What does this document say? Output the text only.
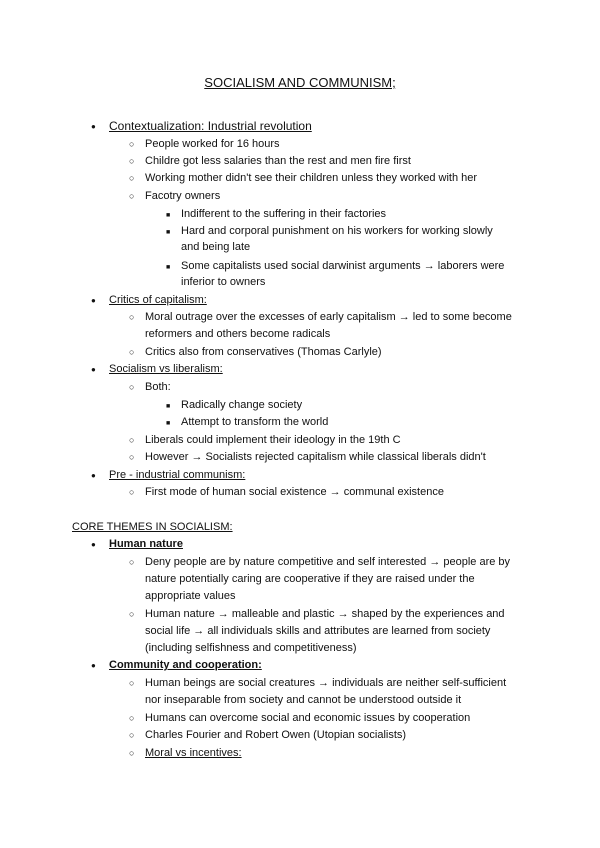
SOCIALISM AND COMMUNISM;
●
Contextualization: Industrial revolution
○
People worked for 16 hours
○
Childre got less salaries than the rest and men fire first
○
Working mother didn't see their children unless they worked with her
○
Facotry owners
■
Indifferent to the suffering in their factories
■
Hard and corporal punishment on his workers for working slowly
and being late
■
Some capitalists used social darwinist arguments → laborers were
inferior to owners
●
Critics of capitalism:
○
Moral outrage over the excesses of early capitalism → led to some become
reformers and others become radicals
○
Critics also from conservatives (Thomas Carlyle)
●
Socialism vs liberalism:
○
Both:
■
Radically change society
■
Attempt to transform the world
○
Liberals could implement their ideology in the 19th C
○
However → Socialists rejected capitalism while classical liberals didn't
●
Pre - industrial communism:
○
First mode of human social existence → communal existence
CORE THEMES IN SOCIALISM:
●
Human nature
○
Deny people are by nature competitive and self interested → people are by
nature potentially caring are cooperative if they are raised under the
appropriate values
○
Human nature → malleable and plastic → shaped by the experiences and
social life → all individuals skills and attributes are learned from society
(including selfishness and competitiveness)
●
Community and cooperation:
○
Human beings are social creatures → individuals are neither self-sufficient
nor inseparable from society and cannot be understood outside it
○
Humans can overcome social and economic issues by cooperation
○
Charles Fourier and Robert Owen (Utopian socialists)
○
Moral vs incentives:
